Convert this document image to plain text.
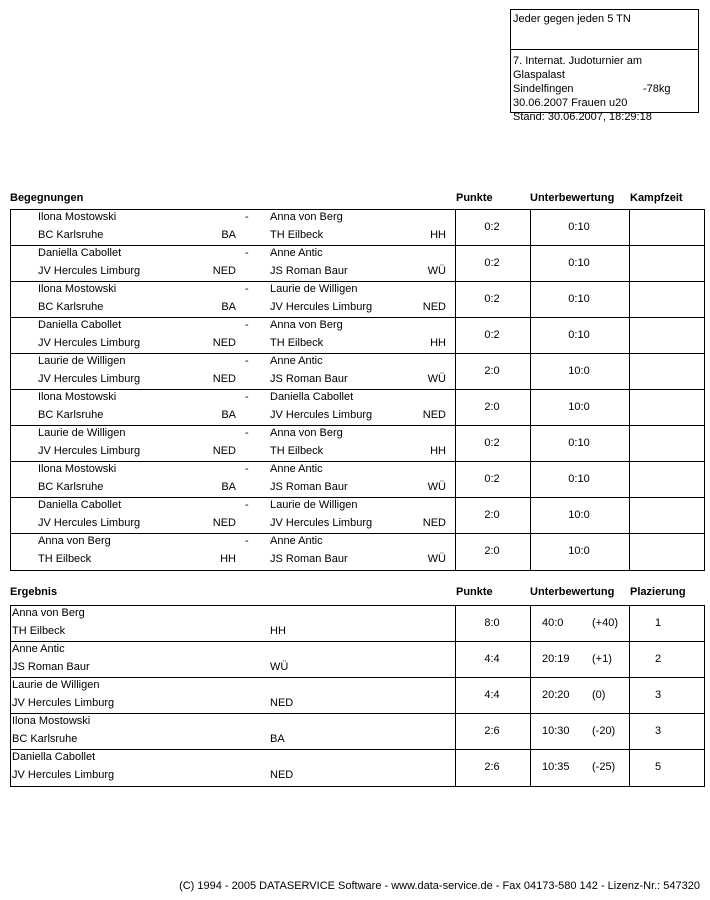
Jeder gegen jeden 5 TN
7. Internat. Judoturnier am Glaspalast
Sindelfingen	-78kg
30.06.2007 Frauen u20
Stand: 30.06.2007, 18:29:18
Begegnungen	Punkte	Unterbewertung Kampfzeit
Ilona Mostowski
BC Karlsruhe	BA
- Anna von Berg
TH Eilbeck	HH
0:2	0:10
Daniella Cabollet
JV Hercules Limburg	NED
- Anne Antic
JS Roman Baur	WÜ
0:2	0:10
Ilona Mostowski
BC Karlsruhe	BA
- Laurie de Willigen
JV Hercules Limburg	NED
0:2	0:10
Daniella Cabollet
JV Hercules Limburg	NED
- Anna von Berg
TH Eilbeck	HH
0:2	0:10
Laurie de Willigen
JV Hercules Limburg	NED
- Anne Antic
JS Roman Baur	WÜ
2:0	10:0
Ilona Mostowski
BC Karlsruhe	BA
- Daniella Cabollet
JV Hercules Limburg	NED
2:0	10:0
Laurie de Willigen
JV Hercules Limburg	NED
- Anna von Berg
TH Eilbeck	HH
0:2	0:10
Ilona Mostowski
BC Karlsruhe	BA
- Anne Antic
JS Roman Baur	WÜ
0:2	0:10
Daniella Cabollet
JV Hercules Limburg	NED
- Laurie de Willigen
JV Hercules Limburg	NED
2:0	10:0
Anna von Berg
TH Eilbeck	HH
- Anne Antic
JS Roman Baur	WÜ
2:0	10:0
Ergebnis	Punkte	Unterbewertung Plazierung
Anna von Berg
TH Eilbeck	HH
8:0	40:0	(+40)	1
Anne Antic
JS Roman Baur	WÜ
4:4	20:19 (+1)	2
Laurie de Willigen
JV Hercules Limburg	NED
4:4	20:20 (0)	3
Ilona Mostowski
BC Karlsruhe	BA
2:6	10:30 (-20)	3
Daniella Cabollet
JV Hercules Limburg	NED
2:6	10:35 (-25)	5
(C) 1994 - 2005 DATASERVICE Software - www.data-service.de - Fax 04173-580 142 - Lizenz-Nr.: 547320
